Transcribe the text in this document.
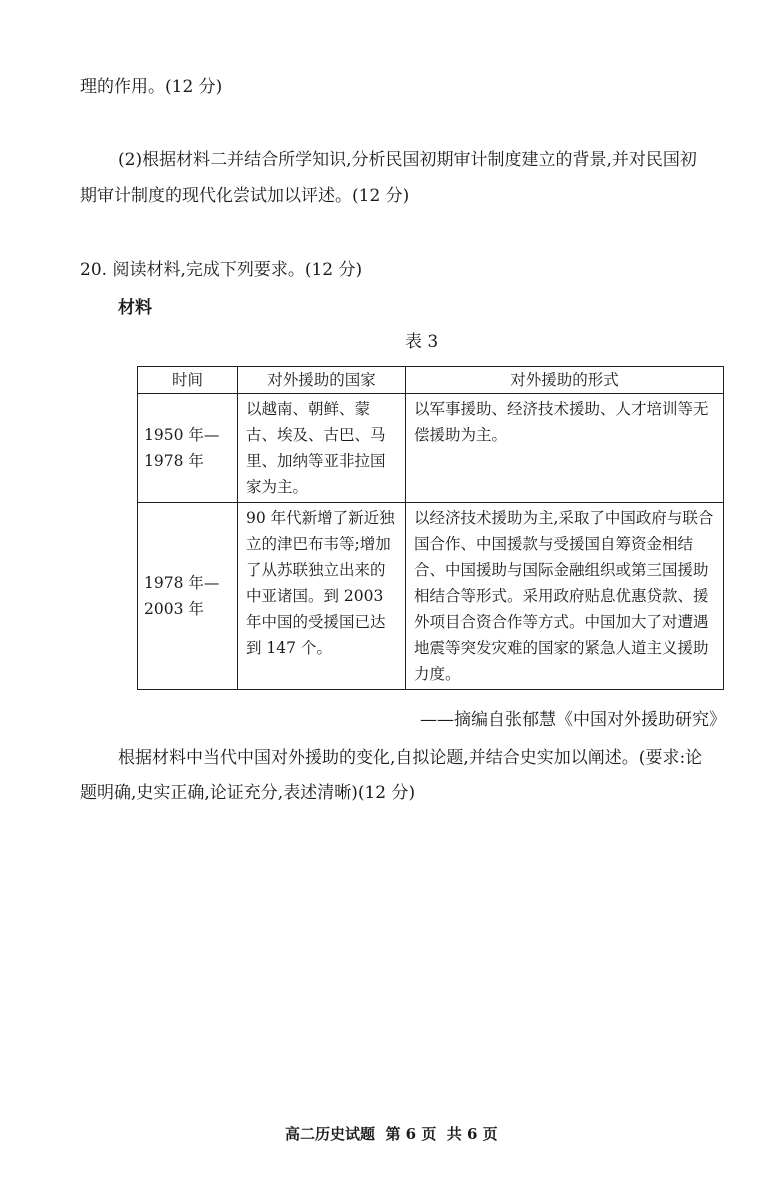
理的作用。(12 分)

(2)根据材料二并结合所学知识,分析民国初期审计制度建立的背景,并对民国初

期审计制度的现代化尝试加以评述。(12 分)

20. 阅读材料,完成下列要求。(12 分)

材料

表 3

时间	对外援助的国家	对外援助的形式
1950 年—1978 年	以越南、朝鲜、蒙古、埃及、古巴、马里、加纳等亚非拉国家为主。	以军事援助、经济技术援助、人才培训等无偿援助为主。
1978 年—2003 年	90 年代新增了新近独立的津巴布韦等;增加了从苏联独立出来的中亚诸国。到 2003 年中国的受援国已达到 147 个。	以经济技术援助为主,采取了中国政府与联合国合作、中国援款与受援国自筹资金相结合、中国援助与国际金融组织或第三国援助相结合等形式。采用政府贴息优惠贷款、援外项目合资合作等方式。中国加大了对遭遇地震等突发灾难的国家的紧急人道主义援助力度。

——摘编自张郁慧《中国对外援助研究》

根据材料中当代中国对外援助的变化,自拟论题,并结合史实加以阐述。(要求:论

题明确,史实正确,论证充分,表述清晰)(12 分)

高二历史试题  第 6 页  共 6 页
